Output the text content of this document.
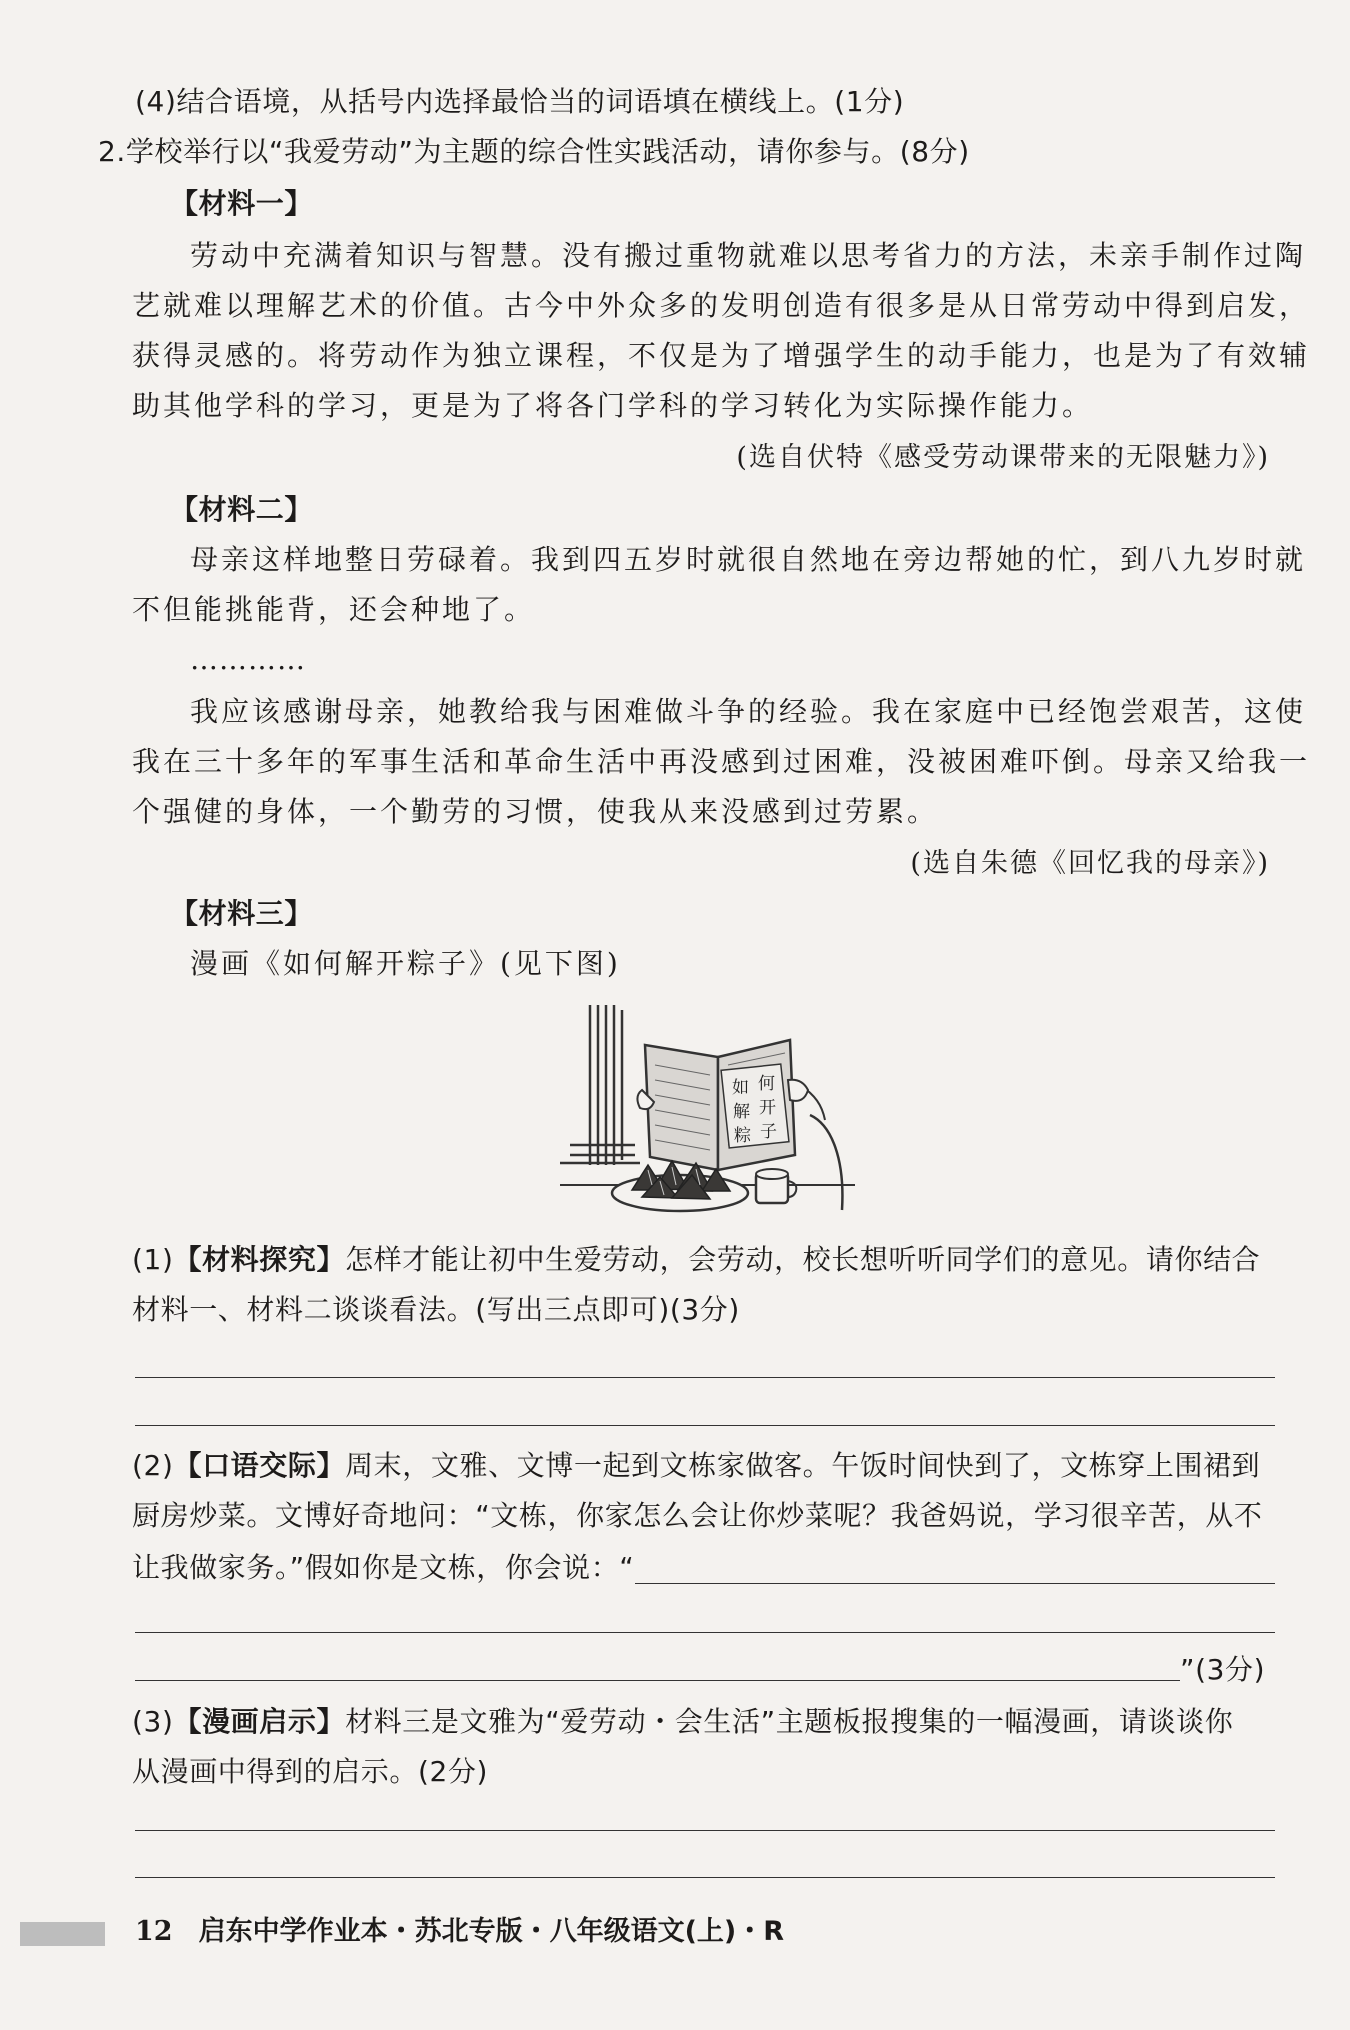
(4)结合语境，从括号内选择最恰当的词语填在横线上。(1分)

2.学校举行以“我爱劳动”为主题的综合性实践活动，请你参与。(8分)

【材料一】

劳动中充满着知识与智慧。没有搬过重物就难以思考省力的方法，未亲手制作过陶

艺就难以理解艺术的价值。古今中外众多的发明创造有很多是从日常劳动中得到启发，

获得灵感的。将劳动作为独立课程，不仅是为了增强学生的动手能力，也是为了有效辅

助其他学科的学习，更是为了将各门学科的学习转化为实际操作能力。

(选自伏特《感受劳动课带来的无限魅力》)

【材料二】

母亲这样地整日劳碌着。我到四五岁时就很自然地在旁边帮她的忙，到八九岁时就

不但能挑能背，还会种地了。

…………

我应该感谢母亲，她教给我与困难做斗争的经验。我在家庭中已经饱尝艰苦，这使

我在三十多年的军事生活和革命生活中再没感到过困难，没被困难吓倒。母亲又给我一

个强健的身体，一个勤劳的习惯，使我从来没感到过劳累。

(选自朱德《回忆我的母亲》)

【材料三】

漫画《如何解开粽子》(见下图)

如 何
解 开
粽 子

(1)【材料探究】怎样才能让初中生爱劳动，会劳动，校长想听听同学们的意见。请你结合

材料一、材料二谈谈看法。(写出三点即可)(3分)

(2)【口语交际】周末，文雅、文博一起到文栋家做客。午饭时间快到了，文栋穿上围裙到

厨房炒菜。文博好奇地问：“文栋，你家怎么会让你炒菜呢？我爸妈说，学习很辛苦，从不

让我做家务。”假如你是文栋，你会说：“

”(3分)

(3)【漫画启示】材料三是文雅为“爱劳动・会生活”主题板报搜集的一幅漫画，请谈谈你

从漫画中得到的启示。(2分)

12 启东中学作业本・苏北专版・八年级语文(上)・R
